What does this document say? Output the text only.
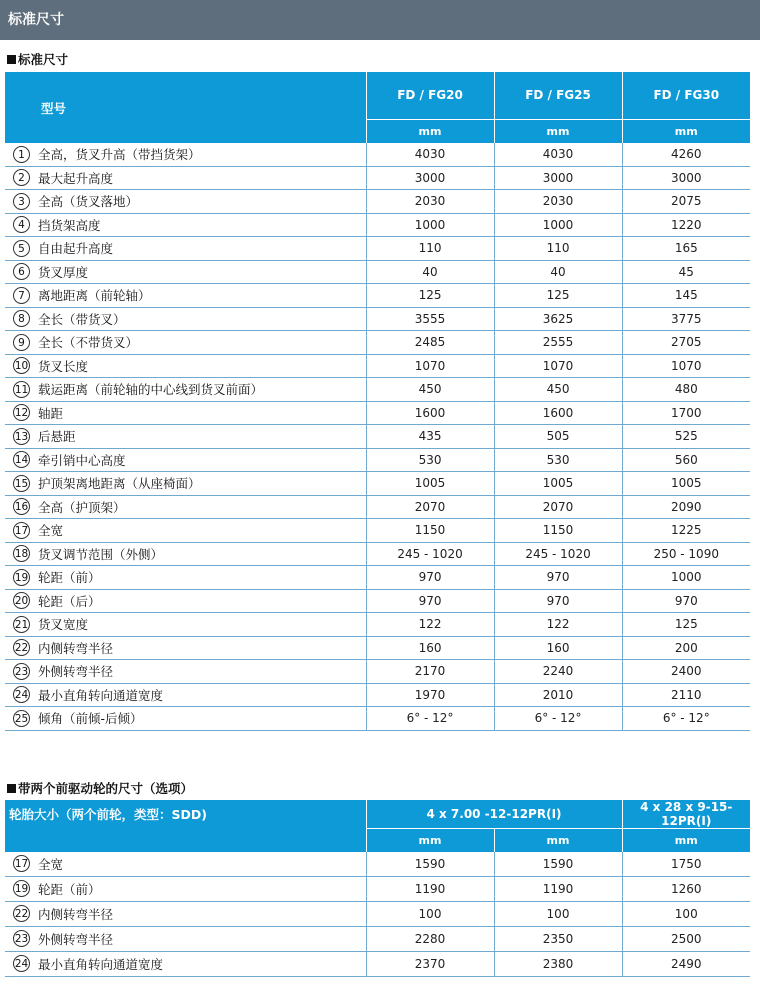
标准尺寸
标准尺寸
型号		FD / FG20	FD / FG25	FD / FG30
		mm	mm	mm
1	全高，货叉升高（带挡货架）	4030	4030	4260
2	最大起升高度	3000	3000	3000
3	全高（货叉落地）	2030	2030	2075
4	挡货架高度	1000	1000	1220
5	自由起升高度	110	110	165
6	货叉厚度	40	40	45
7	离地距离（前轮轴）	125	125	145
8	全长（带货叉）	3555	3625	3775
9	全长（不带货叉）	2485	2555	2705
10	货叉长度	1070	1070	1070
11	载运距离（前轮轴的中心线到货叉前面）	450	450	480
12	轴距	1600	1600	1700
13	后悬距	435	505	525
14	牵引销中心高度	530	530	560
15	护顶架离地距离（从座椅面）	1005	1005	1005
16	全高（护顶架）	2070	2070	2090
17	全宽	1150	1150	1225
18	货叉调节范围（外侧）	245 - 1020	245 - 1020	250 - 1090
19	轮距（前）	970	970	1000
20	轮距（后）	970	970	970
21	货叉宽度	122	122	125
22	内侧转弯半径	160	160	200
23	外侧转弯半径	2170	2240	2400
24	最小直角转向通道宽度	1970	2010	2110
25	倾角（前倾-后倾）	6° - 12°	6° - 12°	6° - 12°
带两个前驱动轮的尺寸（选项）
轮胎大小（两个前轮，类型：SDD)		4 x 7.00 -12-12PR(I)		4 x 28 x 9-15-12PR(I)
		mm	mm	mm
17	全宽	1590	1590	1750
19	轮距（前）	1190	1190	1260
22	内侧转弯半径	100	100	100
23	外侧转弯半径	2280	2350	2500
24	最小直角转向通道宽度	2370	2380	2490
